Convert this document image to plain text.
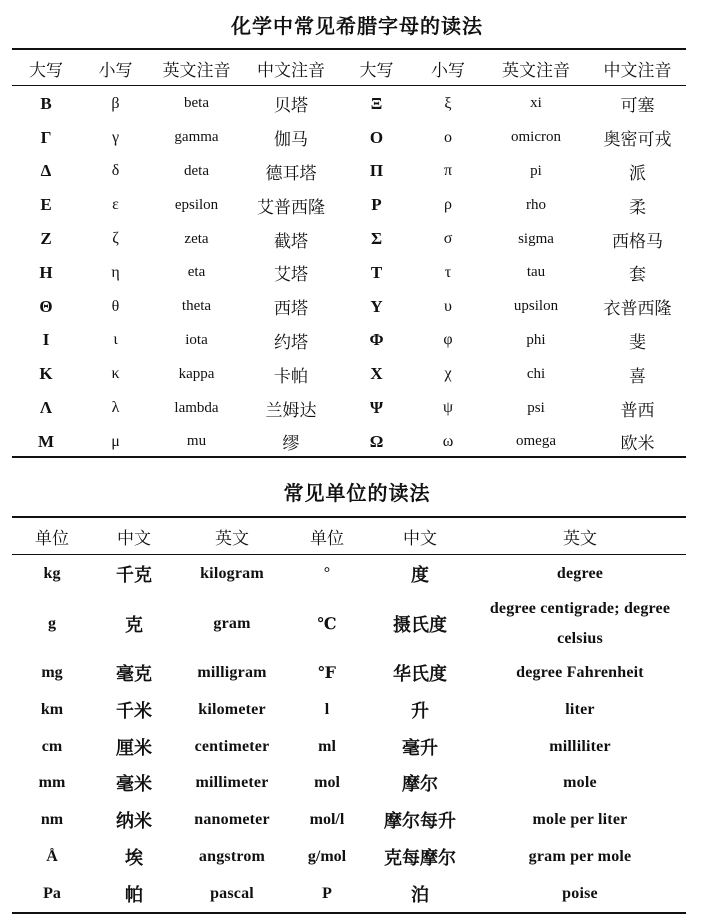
化学中常见希腊字母的读法
大写	小写	英文注音	中文注音	大写	小写	英文注音	中文注音
Β	β	beta	贝塔	Ξ	ξ	xi	可塞
Γ	γ	gamma	伽马	Ο	ο	omicron	奥密可戎
Δ	δ	deta	德耳塔	Π	π	pi	派
Ε	ε	epsilon	艾普西隆	Ρ	ρ	rho	柔
Ζ	ζ	zeta	截塔	Σ	σ	sigma	西格马
Η	η	eta	艾塔	Τ	τ	tau	套
Θ	θ	theta	西塔	Υ	υ	upsilon	衣普西隆
Ι	ι	iota	约塔	Φ	φ	phi	斐
Κ	κ	kappa	卡帕	Χ	χ	chi	喜
Λ	λ	lambda	兰姆达	Ψ	ψ	psi	普西
Μ	μ	mu	缪	Ω	ω	omega	欧米
常见单位的读法
单位	中文	英文	单位	中文	英文
kg	千克	kilogram	°	度	degree
g	克	gram	℃	摄氏度	degree centigrade; degree celsius
mg	毫克	milligram	℉	华氏度	degree Fahrenheit
km	千米	kilometer	l	升	liter
cm	厘米	centimeter	ml	毫升	milliliter
mm	毫米	millimeter	mol	摩尔	mole
nm	纳米	nanometer	mol/l	摩尔每升	mole per liter
Å	埃	angstrom	g/mol	克每摩尔	gram per mole
Pa	帕	pascal	P	泊	poise
